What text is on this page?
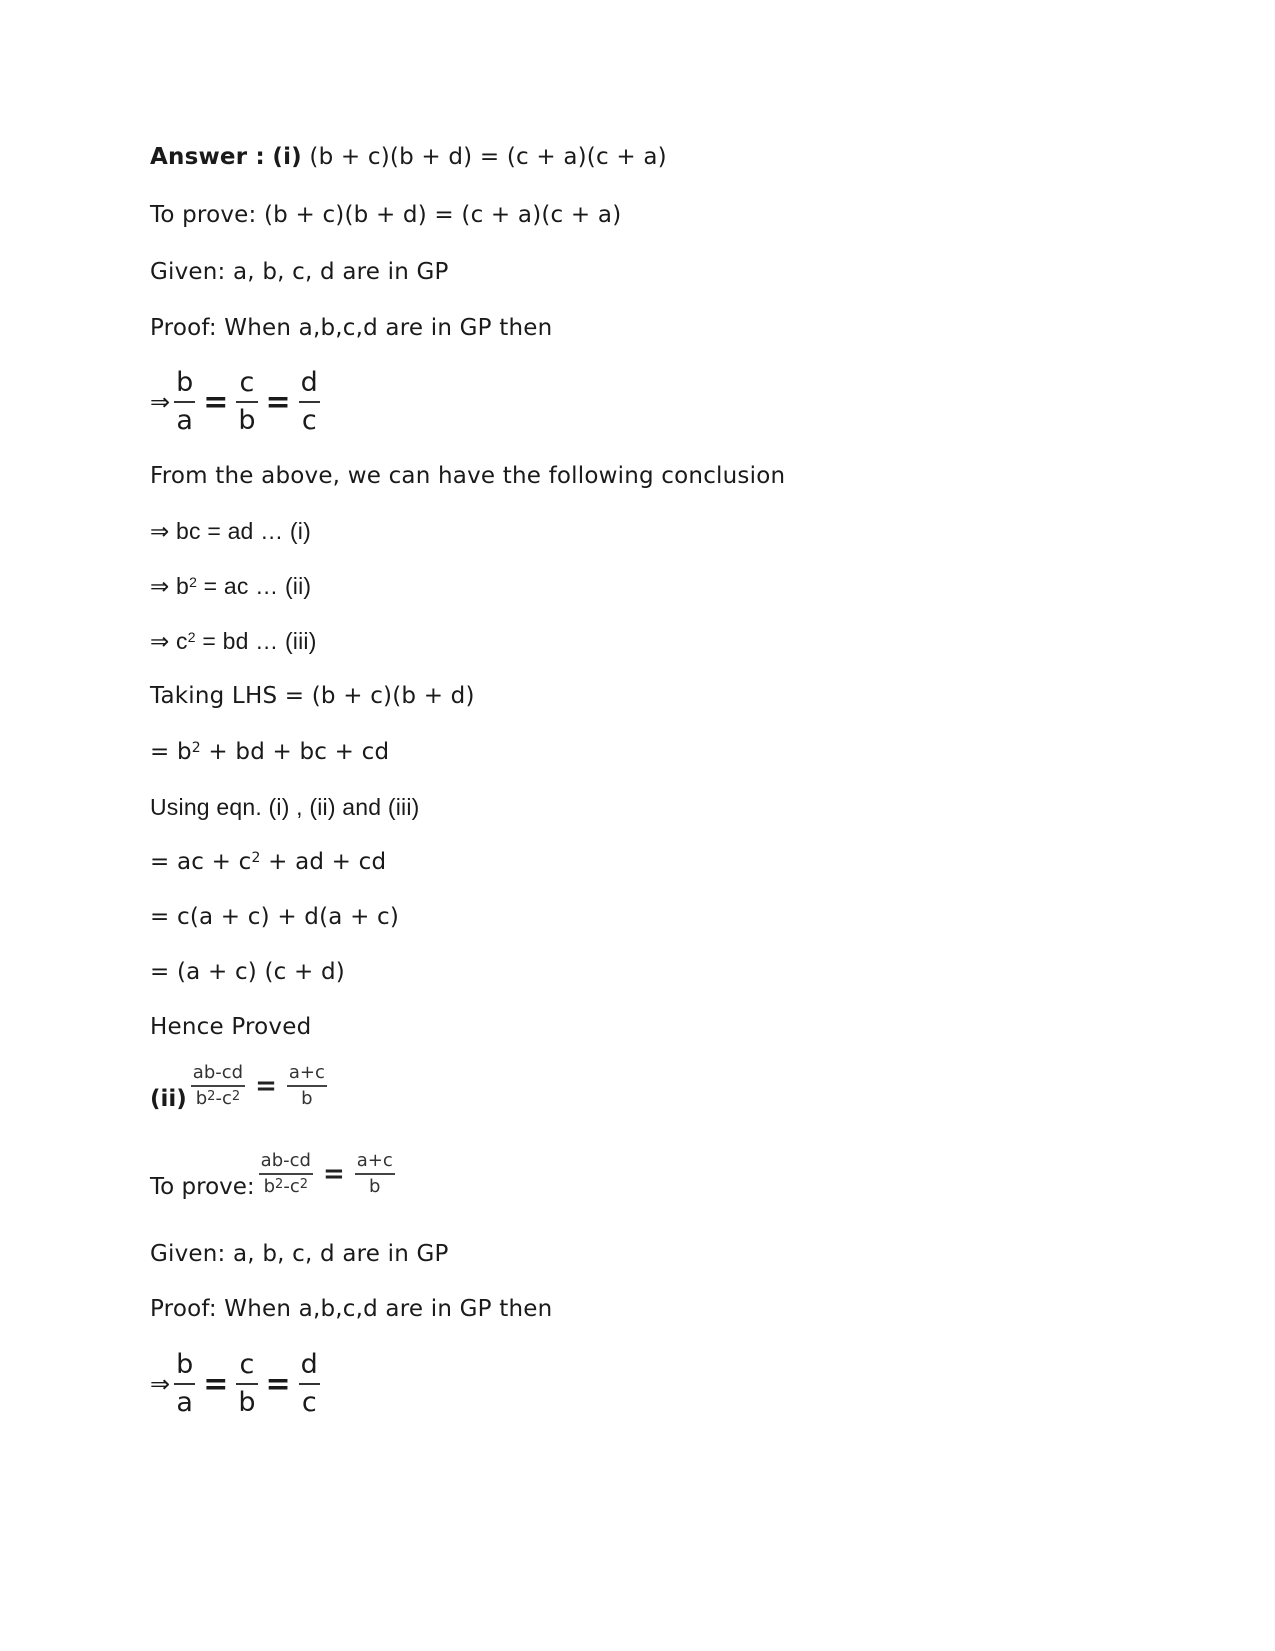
Answer : (i) (b + c)(b + d) = (c + a)(c + a)
To prove: (b + c)(b + d) = (c + a)(c + a)
Given: a, b, c, d are in GP
Proof: When a,b,c,d are in GP then
⇒ $\frac{b}{a} = \frac{c}{b} = \frac{d}{c}$
From the above, we can have the following conclusion
⇒ bc = ad … (i)
⇒ $b^2$ = ac … (ii)
⇒ $c^2$ = bd … (iii)
Taking LHS = (b + c)(b + d)
= $b^2$ + bd + bc + cd
Using eqn. (i) , (ii) and (iii)
= ac + $c^2$ + ad + cd
= c(a + c) + d(a + c)
= (a + c) (c + d)
Hence Proved
$(ii) \frac{ab-cd}{b^2-c^2} = \frac{a+c}{b}$
To prove: $\frac{ab-cd}{b^2-c^2} = \frac{a+c}{b}$
Given: a, b, c, d are in GP
Proof: When a,b,c,d are in GP then
⇒ $\frac{b}{a} = \frac{c}{b} = \frac{d}{c}$
